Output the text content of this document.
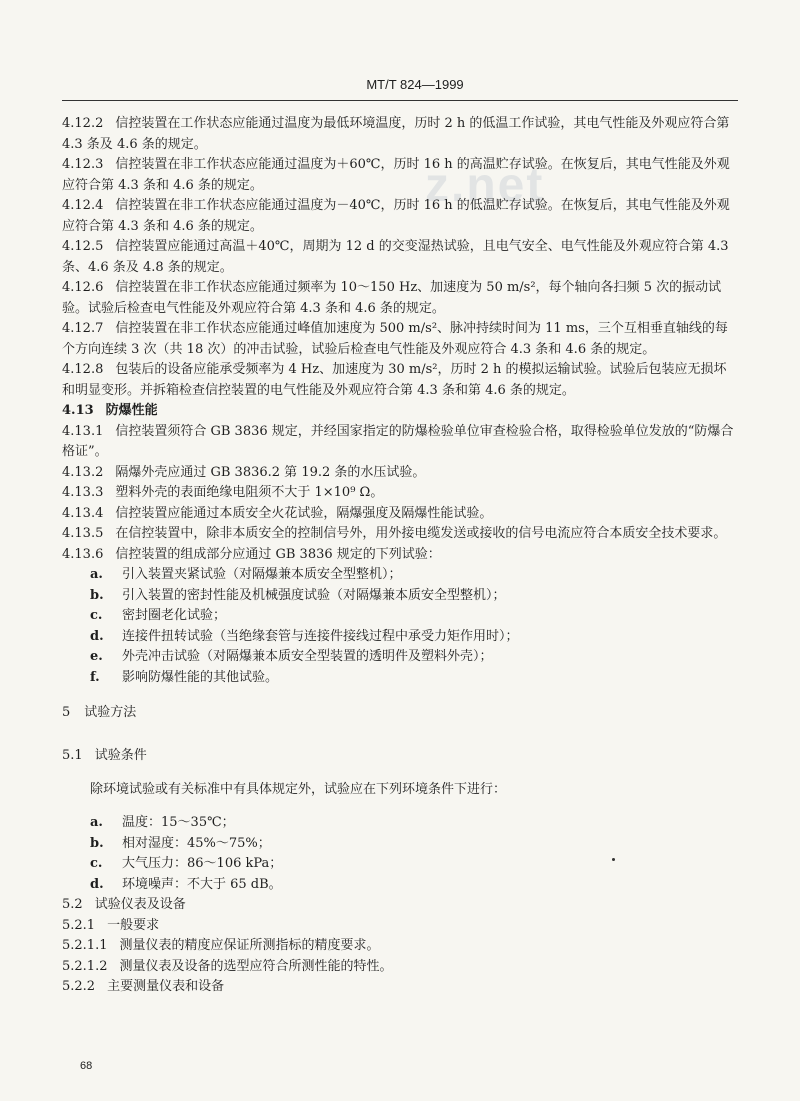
MT/T 824—1999
z.net

4.12.2 信控装置在工作状态应能通过温度为最低环境温度，历时 2 h 的低温工作试验，其电气性能及外观应符合第 4.3 条及 4.6 条的规定。

4.12.3 信控装置在非工作状态应能通过温度为＋60℃，历时 16 h 的高温贮存试验。在恢复后，其电气性能及外观应符合第 4.3 条和 4.6 条的规定。

4.12.4 信控装置在非工作状态应能通过温度为－40℃，历时 16 h 的低温贮存试验。在恢复后，其电气性能及外观应符合第 4.3 条和 4.6 条的规定。

4.12.5 信控装置应能通过高温＋40℃，周期为 12 d 的交变湿热试验，且电气安全、电气性能及外观应符合第 4.3 条、4.6 条及 4.8 条的规定。

4.12.6 信控装置在非工作状态应能通过频率为 10～150 Hz、加速度为 50 m/s²，每个轴向各扫频 5 次的振动试验。试验后检查电气性能及外观应符合第 4.3 条和 4.6 条的规定。

4.12.7 信控装置在非工作状态应能通过峰值加速度为 500 m/s²、脉冲持续时间为 11 ms，三个互相垂直轴线的每个方向连续 3 次（共 18 次）的冲击试验，试验后检查电气性能及外观应符合 4.3 条和 4.6 条的规定。

4.12.8 包装后的设备应能承受频率为 4 Hz、加速度为 30 m/s²，历时 2 h 的模拟运输试验。试验后包装应无损坏和明显变形。并拆箱检查信控装置的电气性能及外观应符合第 4.3 条和第 4.6 条的规定。

4.13 防爆性能

4.13.1 信控装置须符合 GB 3836 规定，并经国家指定的防爆检验单位审查检验合格，取得检验单位发放的“防爆合格证”。

4.13.2 隔爆外壳应通过 GB 3836.2 第 19.2 条的水压试验。

4.13.3 塑料外壳的表面绝缘电阻须不大于 1×10⁹ Ω。

4.13.4 信控装置应能通过本质安全火花试验，隔爆强度及隔爆性能试验。

4.13.5 在信控装置中，除非本质安全的控制信号外，用外接电缆发送或接收的信号电流应符合本质安全技术要求。

4.13.6 信控装置的组成部分应通过 GB 3836 规定的下列试验：

a. 引入装置夹紧试验（对隔爆兼本质安全型整机）；
b. 引入装置的密封性能及机械强度试验（对隔爆兼本质安全型整机）；
c. 密封圈老化试验；
d. 连接件扭转试验（当绝缘套管与连接件接线过程中承受力矩作用时）；
e. 外壳冲击试验（对隔爆兼本质安全型装置的透明件及塑料外壳）；
f. 影响防爆性能的其他试验。

5 试验方法

5.1 试验条件

除环境试验或有关标准中有具体规定外，试验应在下列环境条件下进行：

a. 温度：15～35℃；
b. 相对湿度：45%～75%；
c. 大气压力：86～106 kPa；
d. 环境噪声：不大于 65 dB。

5.2 试验仪表及设备

5.2.1 一般要求

5.2.1.1 测量仪表的精度应保证所测指标的精度要求。

5.2.1.2 测量仪表及设备的选型应符合所测性能的特性。

5.2.2 主要测量仪表和设备

68
